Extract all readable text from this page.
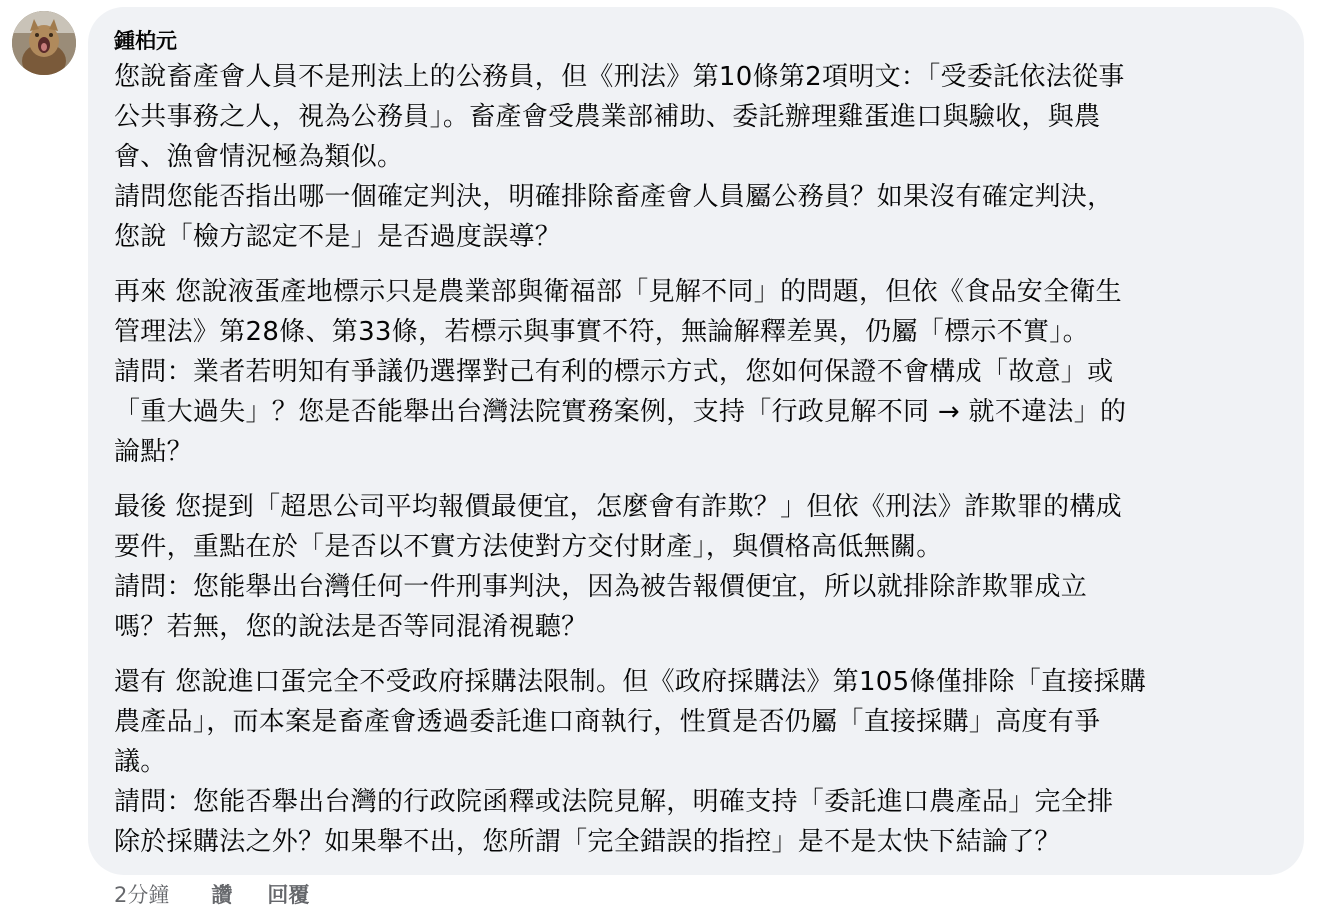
鍾柏元
您說畜產會人員不是刑法上的公務員，但《刑法》第10條第2項明文：「受委託依法從事
公共事務之人，視為公務員」。畜產會受農業部補助、委託辦理雞蛋進口與驗收，與農
會、漁會情況極為類似。
請問您能否指出哪一個確定判決，明確排除畜產會人員屬公務員？如果沒有確定判決，
您說「檢方認定不是」是否過度誤導？
再來 您說液蛋產地標示只是農業部與衛福部「見解不同」的問題，但依《食品安全衛生
管理法》第28條、第33條，若標示與事實不符，無論解釋差異，仍屬「標示不實」。
請問：業者若明知有爭議仍選擇對己有利的標示方式，您如何保證不會構成「故意」或
「重大過失」？您是否能舉出台灣法院實務案例，支持「行政見解不同 → 就不違法」的
論點？
最後 您提到「超思公司平均報價最便宜，怎麼會有詐欺？」但依《刑法》詐欺罪的構成
要件，重點在於「是否以不實方法使對方交付財產」，與價格高低無關。
請問：您能舉出台灣任何一件刑事判決，因為被告報價便宜，所以就排除詐欺罪成立
嗎？若無，您的說法是否等同混淆視聽？
還有 您說進口蛋完全不受政府採購法限制。但《政府採購法》第105條僅排除「直接採購
農產品」，而本案是畜產會透過委託進口商執行，性質是否仍屬「直接採購」高度有爭
議。
請問：您能否舉出台灣的行政院函釋或法院見解，明確支持「委託進口農產品」完全排
除於採購法之外？如果舉不出，您所謂「完全錯誤的指控」是不是太快下結論了？
2分鐘 讚 回覆
